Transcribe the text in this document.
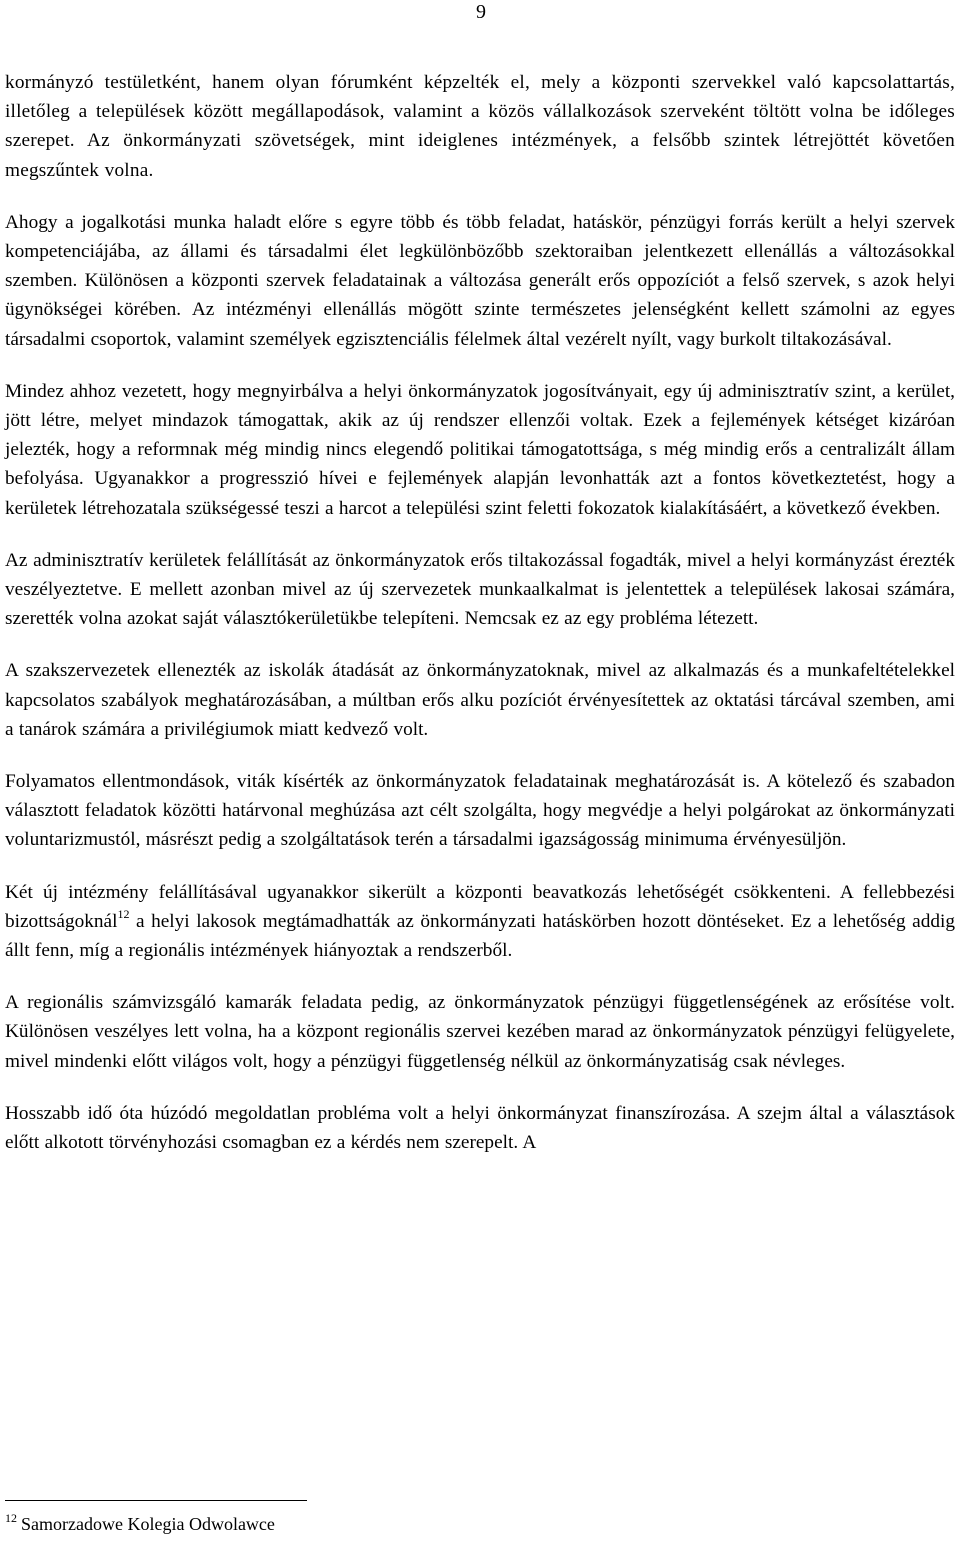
9

kormányzó testületként, hanem olyan fórumként képzelték el, mely a központi szervekkel való kapcsolattartás, illetőleg a települések között megállapodások, valamint a közös vállalkozások szerveként töltött volna be időleges szerepet. Az önkormányzati szövetségek, mint ideiglenes intézmények, a felsőbb szintek létrejöttét követően megszűntek volna.

Ahogy a jogalkotási munka haladt előre s egyre több és több feladat, hatáskör, pénzügyi forrás került a helyi szervek kompetenciájába, az állami és társadalmi élet legkülönbözőbb szektoraiban jelentkezett ellenállás a változásokkal szemben. Különösen a központi szervek feladatainak a változása generált erős oppozíciót a felső szervek, s azok helyi ügynökségei körében. Az intézményi ellenállás mögött szinte természetes jelenségként kellett számolni az egyes társadalmi csoportok, valamint személyek egzisztenciális félelmek által vezérelt nyílt, vagy burkolt tiltakozásával.

Mindez ahhoz vezetett, hogy megnyirbálva a helyi önkormányzatok jogosítványait, egy új adminisztratív szint, a kerület, jött létre, melyet mindazok támogattak, akik az új rendszer ellenzői voltak. Ezek a fejlemények kétséget kizáróan jelezték, hogy a reformnak még mindig nincs elegendő politikai támogatottsága, s még mindig erős a centralizált állam befolyása. Ugyanakkor a progresszió hívei e fejlemények alapján levonhatták azt a fontos következtetést, hogy a kerületek létrehozatala szükségessé teszi a harcot a települési szint feletti fokozatok kialakításáért, a következő években.

Az adminisztratív kerületek felállítását az önkormányzatok erős tiltakozással fogadták, mivel a helyi kormányzást érezték veszélyeztetve. E mellett azonban mivel az új szervezetek munkaalkalmat is jelentettek a települések lakosai számára, szerették volna azokat saját választókerületükbe telepíteni. Nemcsak ez az egy probléma létezett.

A szakszervezetek ellenezték az iskolák átadását az önkormányzatoknak, mivel az alkalmazás és a munkafeltételekkel kapcsolatos szabályok meghatározásában, a múltban erős alku pozíciót érvényesítettek az oktatási tárcával szemben, ami a tanárok számára a privilégiumok miatt kedvező volt.

Folyamatos ellentmondások, viták kísérték az önkormányzatok feladatainak meghatározását is. A kötelező és szabadon választott feladatok közötti határvonal meghúzása azt célt szolgálta, hogy megvédje a helyi polgárokat az önkormányzati voluntarizmustól, másrészt pedig a szolgáltatások terén a társadalmi igazságosság minimuma érvényesüljön.

Két új intézmény felállításával ugyanakkor sikerült a központi beavatkozás lehetőségét csökkenteni. A fellebbezési bizottságoknál$^{12}$ a helyi lakosok megtámadhatták az önkormányzati hatáskörben hozott döntéseket. Ez a lehetőség addig állt fenn, míg a regionális intézmények hiányoztak a rendszerből.

A regionális számvizsgáló kamarák feladata pedig, az önkormányzatok pénzügyi függetlenségének az erősítése volt. Különösen veszélyes lett volna, ha a központ regionális szervei kezében marad az önkormányzatok pénzügyi felügyelete, mivel mindenki előtt világos volt, hogy a pénzügyi függetlenség nélkül az önkormányzatiság csak névleges.

Hosszabb idő óta húzódó megoldatlan probléma volt a helyi önkormányzat finanszírozása. A szejm által a választások előtt alkotott törvényhozási csomagban ez a kérdés nem szerepelt. A

$^{12}$ Samorzadowe Kolegia Odwolawce
